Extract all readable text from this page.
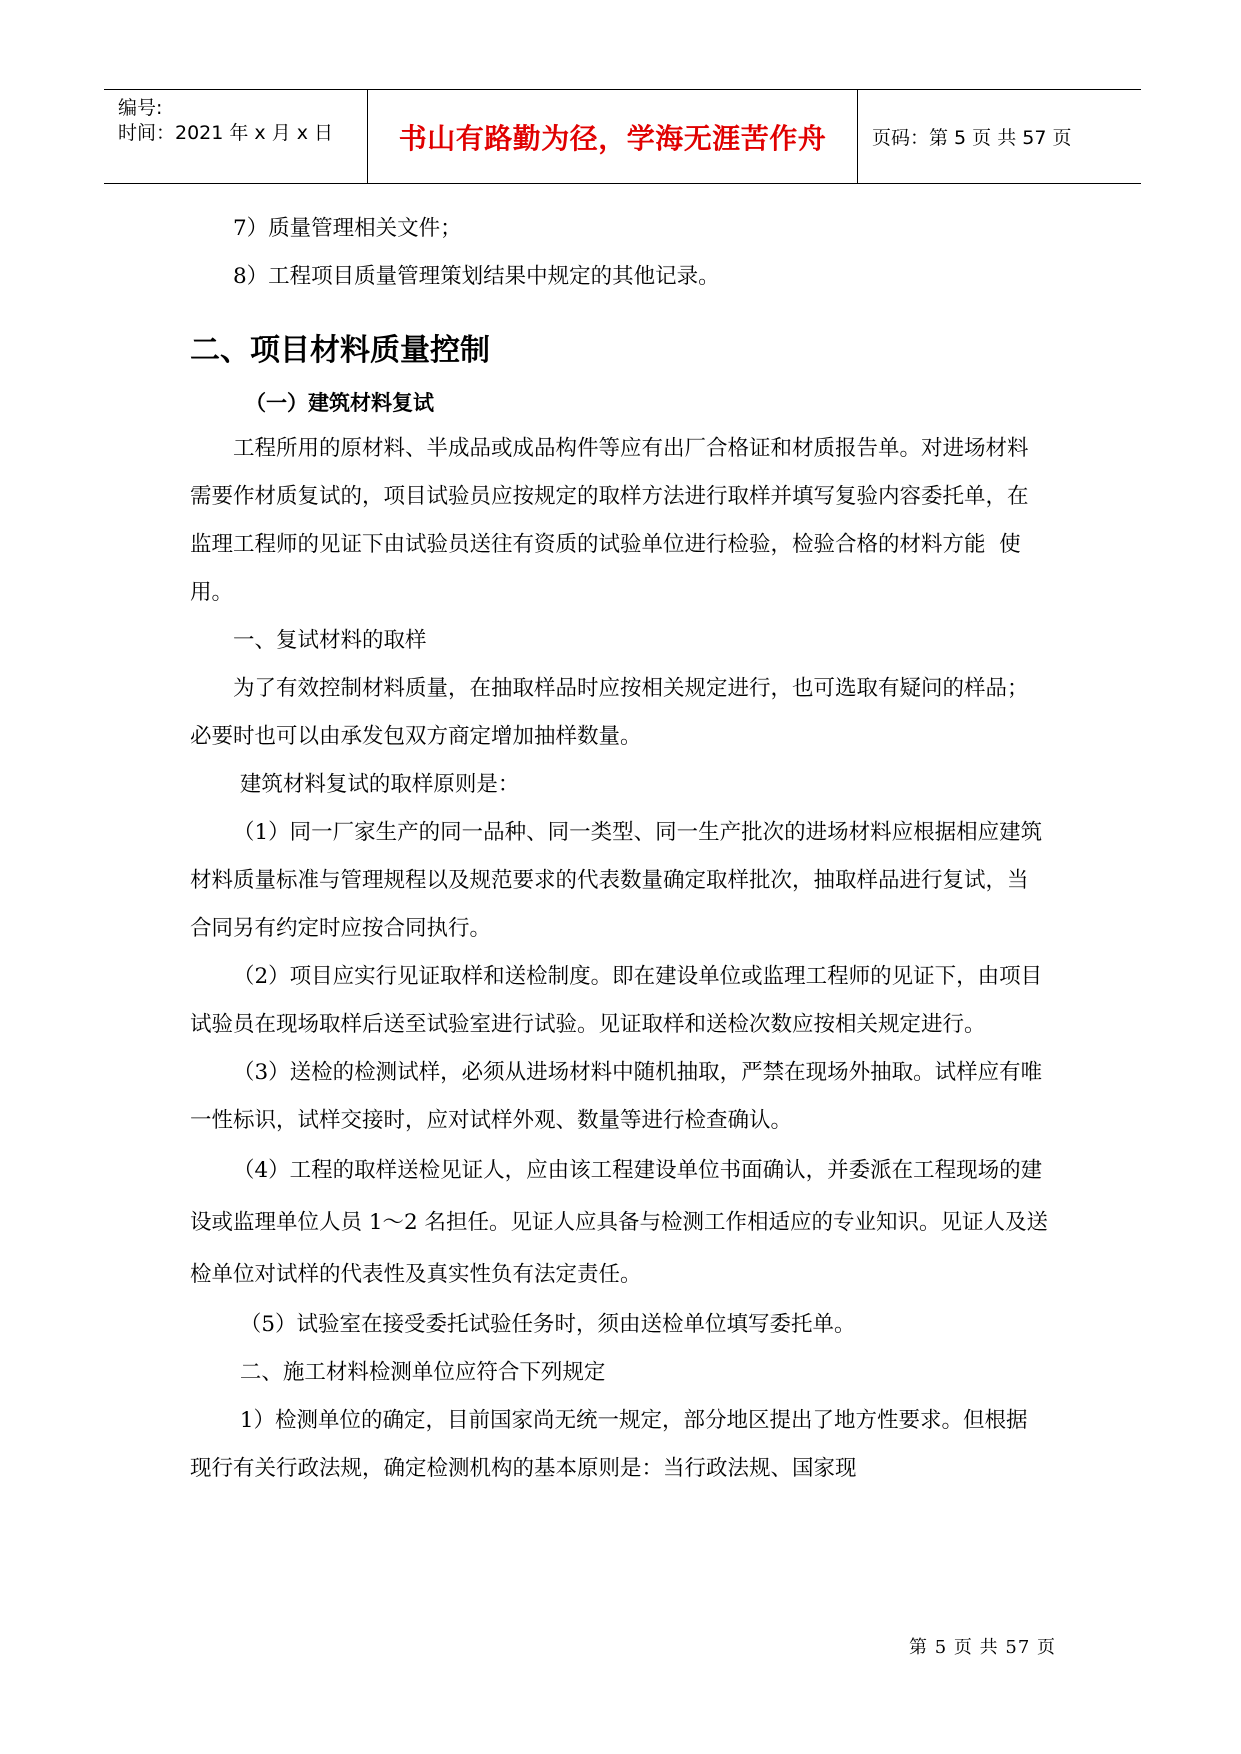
编号:
时间：2021 年 x 月 x 日 书山有路勤为径，学海无涯苦作舟 页码：第 5 页 共 57 页

7）质量管理相关文件；

8）工程项目质量管理策划结果中规定的其他记录。

二、项目材料质量控制
（一）建筑材料复试

工程所用的原材料、半成品或成品构件等应有出厂合格证和材质报告单。对进场材料  需要作材质复试的，项目试验员应按规定的取样方法进行取样并填写复验内容委托单，在  监理工程师的见证下由试验员送往有资质的试验单位进行检验，检验合格的材料方能  使用。

一、复试材料的取样

为了有效控制材料质量，在抽取样品时应按相关规定进行，也可选取有疑问的样品；   必要时也可以由承发包双方商定增加抽样数量。

建筑材料复试的取样原则是：

（1）同一厂家生产的同一品种、同一类型、同一生产批次的进场材料应根据相应建筑  材料质量标准与管理规程以及规范要求的代表数量确定取样批次，抽取样品进行复试，当  合同另有约定时应按合同执行。

（2）项目应实行见证取样和送检制度。即在建设单位或监理工程师的见证下，由项目试验员在现场取样后送至试验室进行试验。见证取样和送检次数应按相关规定进行。

（3）送检的检测试样，必须从进场材料中随机抽取，严禁在现场外抽取。试样应有唯  一性标识，试样交接时，应对试样外观、数量等进行检查确认。

（4）工程的取样送检见证人，应由该工程建设单位书面确认，并委派在工程现场的建  设或监理单位人员 1～2 名担任。见证人应具备与检测工作相适应的专业知识。见证人及送检单位对试样的代表性及真实性负有法定责任。

（5）试验室在接受委托试验任务时，须由送检单位填写委托单。

二、施工材料检测单位应符合下列规定

1）检测单位的确定，目前国家尚无统一规定，部分地区提出了地方性要求。但根据  现行有关行政法规，确定检测机构的基本原则是：当行政法规、国家现

第 5 页 共 57 页
